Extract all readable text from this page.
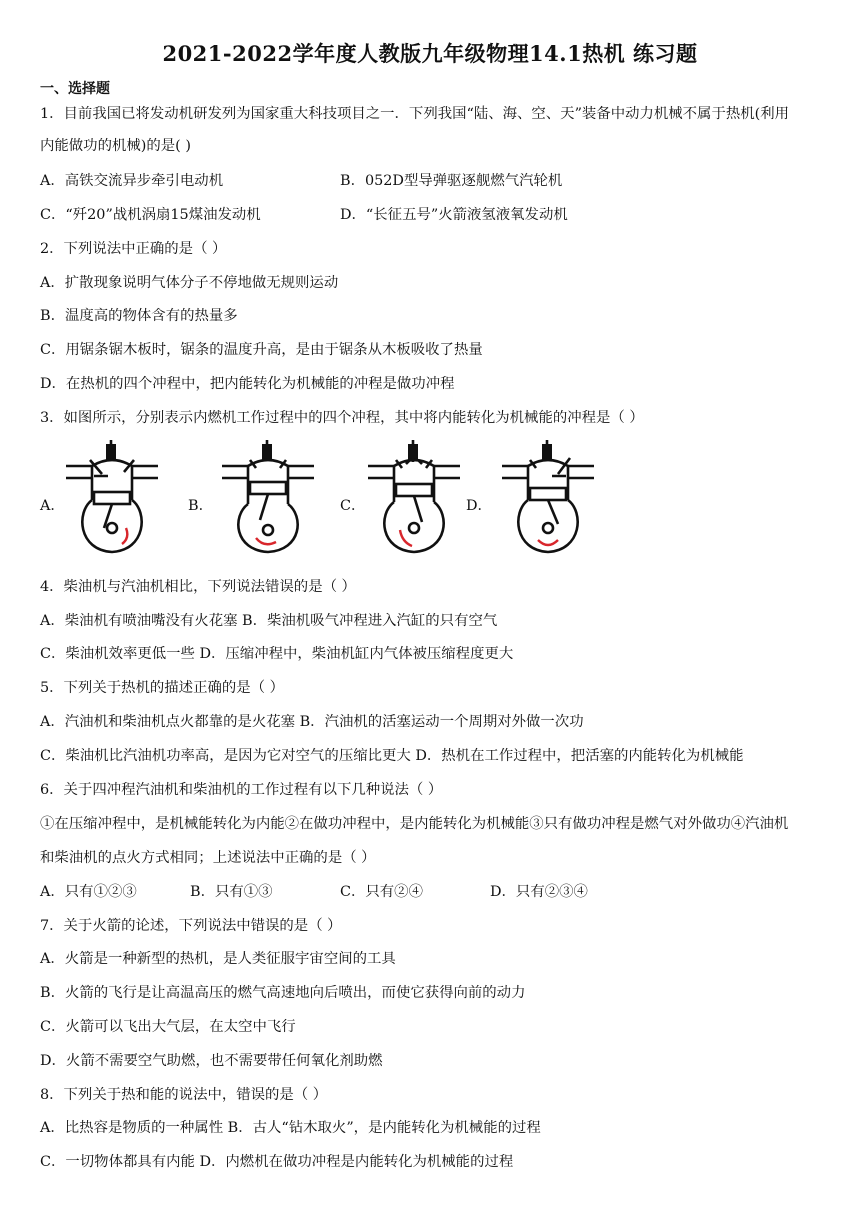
2021-2022学年度人教版九年级物理14.1热机 练习题
一、选择题
1．目前我国已将发动机研发列为国家重大科技项目之一．下列我国“陆、海、空、天”装备中动力机械不属于热机(利用
内能做功的机械)的是( )
A．高铁交流异步牵引电动机	B．052D型导弹驱逐舰燃气汽轮机
C．“歼20”战机涡扇15煤油发动机	D．“长征五号”火箭液氢液氧发动机
2．下列说法中正确的是（ ）
A．扩散现象说明气体分子不停地做无规则运动
B．温度高的物体含有的热量多
C．用锯条锯木板时，锯条的温度升高，是由于锯条从木板吸收了热量
D．在热机的四个冲程中，把内能转化为机械能的冲程是做功冲程
3．如图所示，分别表示内燃机工作过程中的四个冲程，其中将内能转化为机械能的冲程是（ ）
A．	B．	C．	D．
4．柴油机与汽油机相比，下列说法错误的是（ ）
A．柴油机有喷油嘴没有火花塞 B．柴油机吸气冲程进入汽缸的只有空气
C．柴油机效率更低一些 D．压缩冲程中，柴油机缸内气体被压缩程度更大
5．下列关于热机的描述正确的是（ ）
A．汽油机和柴油机点火都靠的是火花塞 B．汽油机的活塞运动一个周期对外做一次功
C．柴油机比汽油机功率高，是因为它对空气的压缩比更大 D．热机在工作过程中，把活塞的内能转化为机械能
6．关于四冲程汽油机和柴油机的工作过程有以下几种说法（ ）
①在压缩冲程中，是机械能转化为内能②在做功冲程中，是内能转化为机械能③只有做功冲程是燃气对外做功④汽油机
和柴油机的点火方式相同；上述说法中正确的是（ ）
A．只有①②③	B．只有①③	C．只有②④	D．只有②③④
7．关于火箭的论述，下列说法中错误的是（ ）
A．火箭是一种新型的热机，是人类征服宇宙空间的工具
B．火箭的飞行是让高温高压的燃气高速地向后喷出，而使它获得向前的动力
C．火箭可以飞出大气层，在太空中飞行
D．火箭不需要空气助燃，也不需要带任何氧化剂助燃
8．下列关于热和能的说法中，错误的是（ ）
A．比热容是物质的一种属性 B．古人“钻木取火”，是内能转化为机械能的过程
C．一切物体都具有内能 D．内燃机在做功冲程是内能转化为机械能的过程
